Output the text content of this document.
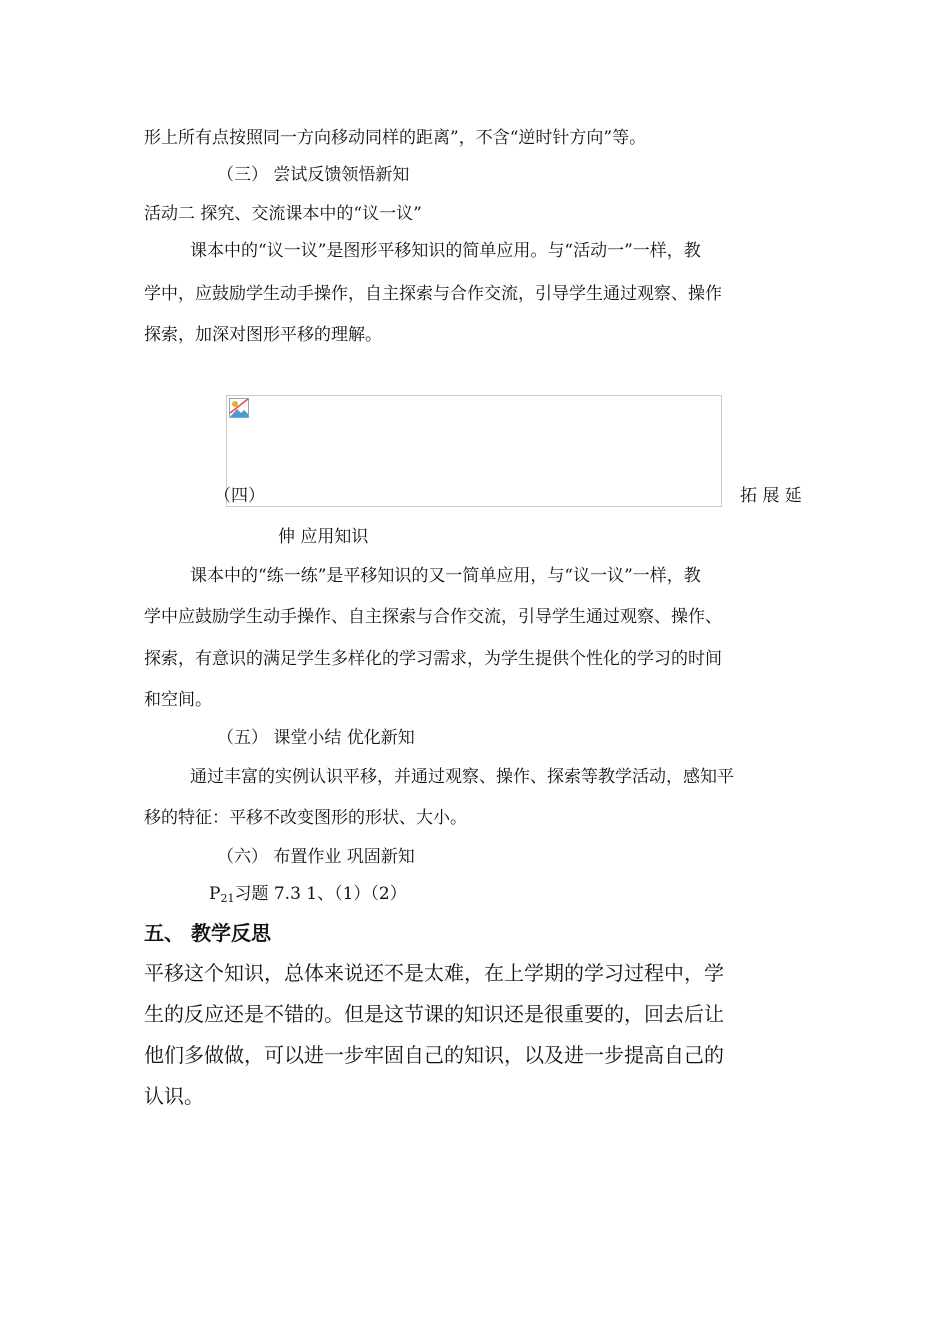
形上所有点按照同一方向移动同样的距离”，不含“逆时针方向”等。
（三） 尝试反馈领悟新知
活动二 探究、交流课本中的“议一议”
课本中的“议一议”是图形平移知识的简单应用。与“活动一”一样，教
学中，应鼓励学生动手操作，自主探索与合作交流，引导学生通过观察、操作
探索，加深对图形平移的理解。
（四）	拓 展 延
伸 应用知识
课本中的“练一练”是平移知识的又一简单应用，与“议一议”一样，教
学中应鼓励学生动手操作、自主探索与合作交流，引导学生通过观察、操作、
探索，有意识的满足学生多样化的学习需求，为学生提供个性化的学习的时间
和空间。
（五） 课堂小结 优化新知
通过丰富的实例认识平移，并通过观察、操作、探索等教学活动，感知平
移的特征：平移不改变图形的形状、大小。
（六） 布置作业 巩固新知
$P_{21}$习题 7.3 1、（1）（2）
五、 教学反思
平移这个知识，总体来说还不是太难，在上学期的学习过程中，学
生的反应还是不错的。但是这节课的知识还是很重要的，回去后让
他们多做做，可以进一步牢固自己的知识，以及进一步提高自己的
认识。
